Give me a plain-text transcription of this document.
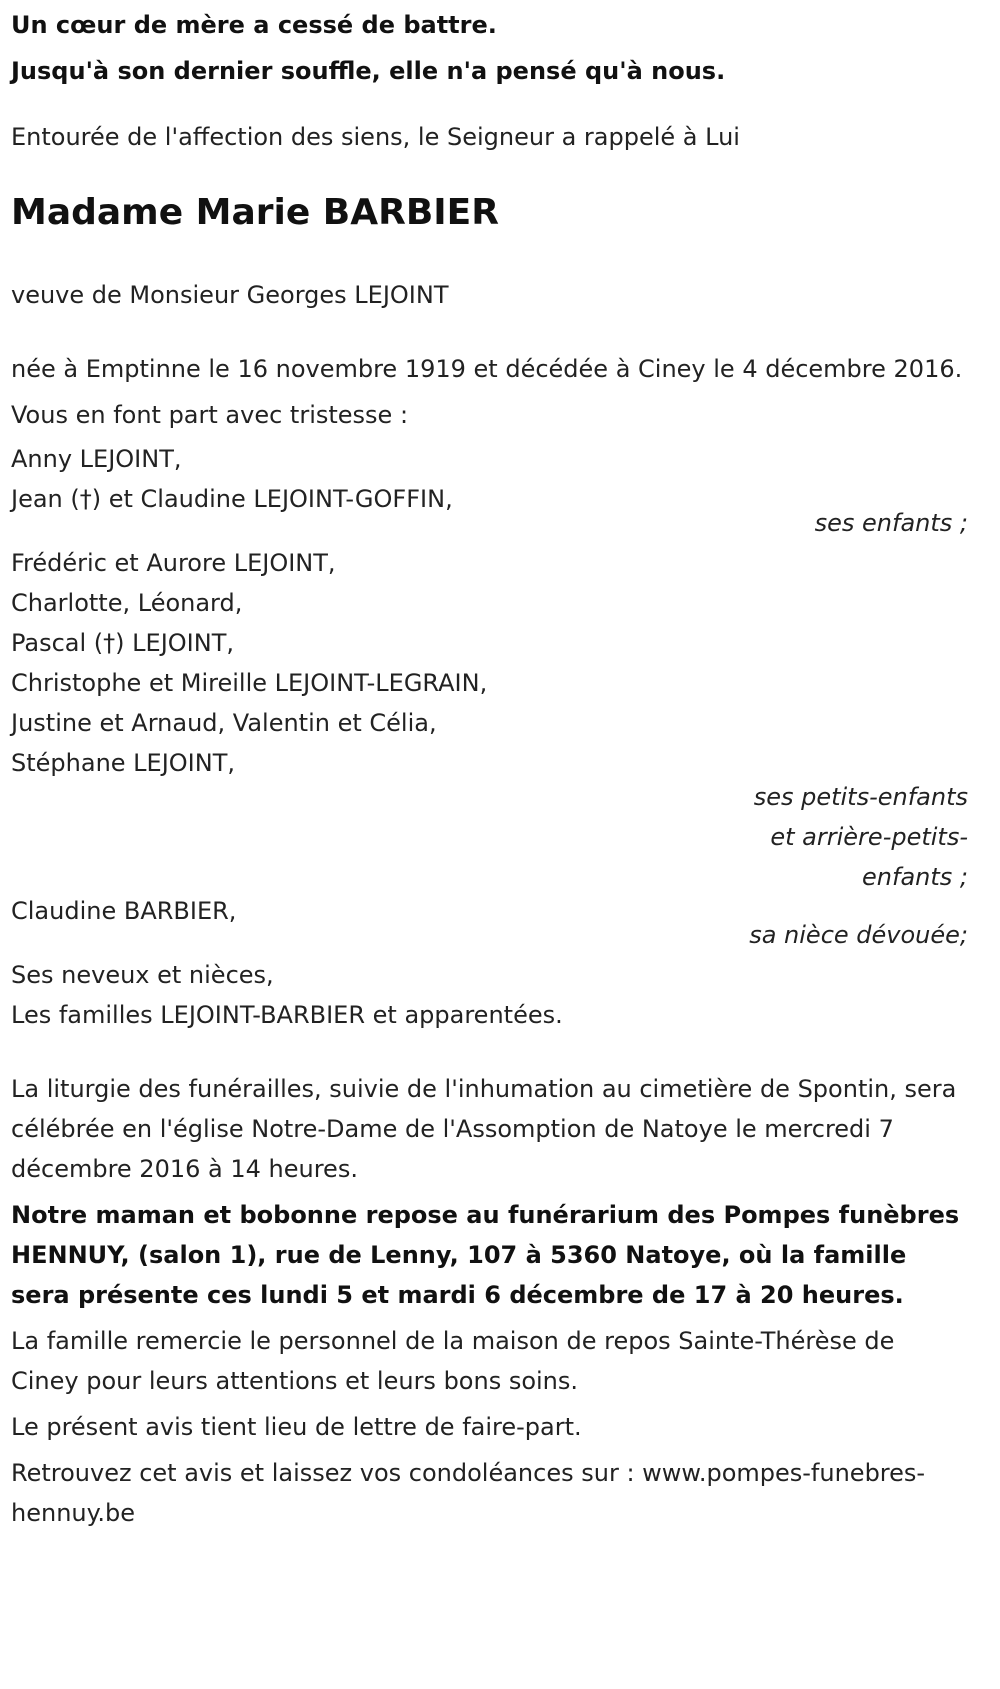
Un cœur de mère a cessé de battre.

Jusqu'à son dernier souffle, elle n'a pensé qu'à nous.

Entourée de l'affection des siens, le Seigneur a rappelé à Lui

Madame Marie BARBIER

veuve de Monsieur Georges LEJOINT

née à Emptinne le 16 novembre 1919 et décédée à Ciney le 4 décembre 2016.

Vous en font part avec tristesse :

Anny LEJOINT,
Jean (†) et Claudine LEJOINT-GOFFIN,

ses enfants ;

Frédéric et Aurore LEJOINT,
Charlotte, Léonard,
Pascal (†) LEJOINT,
Christophe et Mireille LEJOINT-LEGRAIN,
Justine et Arnaud, Valentin et Célia,
Stéphane LEJOINT,

ses petits-enfants

et arrière-petits-

enfants ;

Claudine BARBIER,

sa nièce dévouée;

Ses neveux et nièces,
Les familles LEJOINT-BARBIER et apparentées.

La liturgie des funérailles, suivie de l'inhumation au cimetière de Spontin, sera célébrée en l'église Notre-Dame de l'Assomption de Natoye le mercredi 7 décembre 2016 à 14 heures.

Notre maman et bobonne repose au funérarium des Pompes funèbres HENNUY, (salon 1), rue de Lenny, 107 à 5360 Natoye, où la famille sera présente ces lundi 5 et mardi 6 décembre de 17 à 20 heures.

La famille remercie le personnel de la maison de repos Sainte-Thérèse de Ciney pour leurs attentions et leurs bons soins.

Le présent avis tient lieu de lettre de faire-part.

Retrouvez cet avis et laissez vos condoléances sur : www.pompes-funebres-hennuy.be
